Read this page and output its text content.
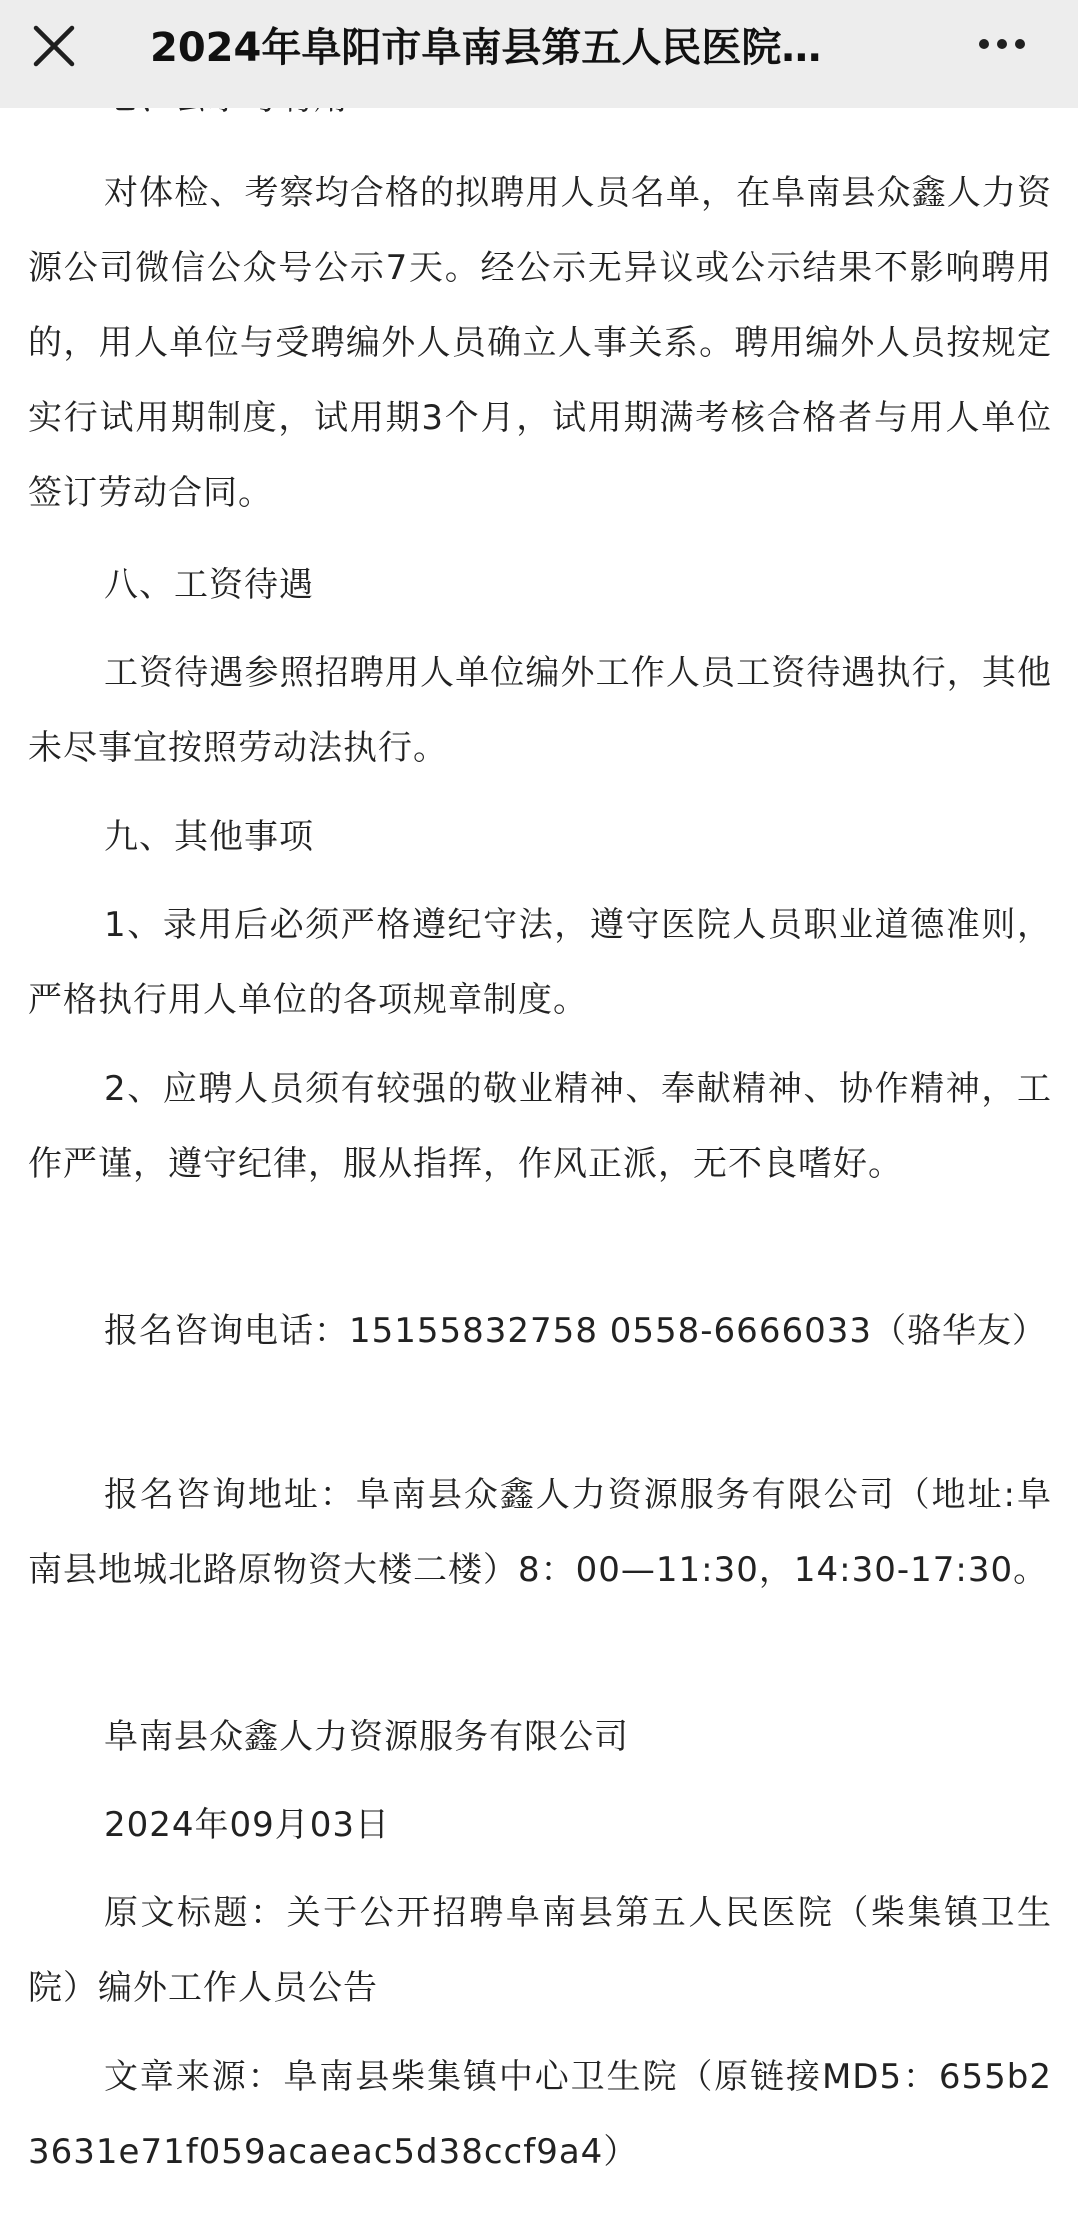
对体检、考察均合格的拟聘用人员名单，在阜南县众鑫人力资源公司微信公众号公示7天。经公示无异议或公示结果不影响聘用的，用人单位与受聘编外人员确立人事关系。聘用编外人员按规定实行试用期制度，试用期3个月，试用期满考核合格者与用人单位签订劳动合同。

八、工资待遇

工资待遇参照招聘用人单位编外工作人员工资待遇执行，其他未尽事宜按照劳动法执行。

九、其他事项

1、录用后必须严格遵纪守法，遵守医院人员职业道德准则，严格执行用人单位的各项规章制度。

2、应聘人员须有较强的敬业精神、奉献精神、协作精神，工作严谨，遵守纪律，服从指挥，作风正派，无不良嗜好。

报名咨询电话：15155832758 0558-6666033（骆华友）

报名咨询地址：阜南县众鑫人力资源服务有限公司（地址:阜南县地城北路原物资大楼二楼）8：00—11:30，14:30-17:30。

阜南县众鑫人力资源服务有限公司

2024年09月03日

原文标题：关于公开招聘阜南县第五人民医院（柴集镇卫生院）编外工作人员公告

文章来源：阜南县柴集镇中心卫生院（原链接MD5：655b23631e71f059acaeac5d38ccf9a4）

2024年阜阳市阜南县第五人民医院…
